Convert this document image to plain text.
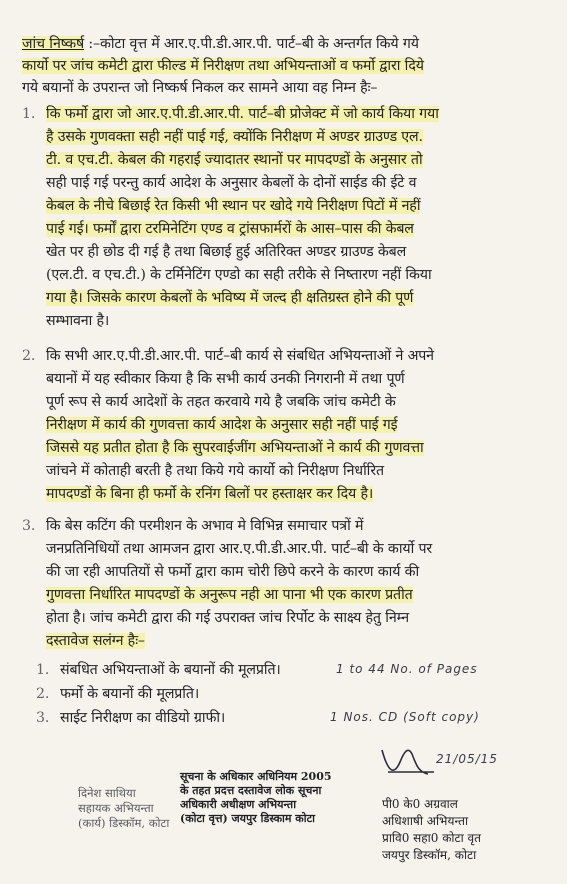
जांच निष्कर्ष :–कोटा वृत्त में आर.ए.पी.डी.आर.पी. पार्ट–बी के अन्तर्गत किये गये
कार्यो पर जांच कमेटी द्वारा फील्ड में निरीक्षण तथा अभियन्ताओं व फर्मो द्वारा दिये
गये बयानों के उपरान्त जो निष्कर्ष निकल कर सामने आया वह निम्न हैः–
1. कि फर्मो द्वारा जो आर.ए.पी.डी.आर.पी. पार्ट–बी प्रोजेक्ट में जो कार्य किया गया
है उसके गुणवक्ता सही नहीं पाई गई, क्योंकि निरीक्षण में अण्डर ग्राउण्ड एल.
टी. व एच.टी. केबल की गहराई ज्यादातर स्थानों पर मापदण्डों के अनुसार तो
सही पाई गई परन्तु कार्य आदेश के अनुसार केबलों के दोनों साईड की ईटे व
केबल के नीचे बिछाई रेत किसी भी स्थान पर खोदे गये निरीक्षण पिटों में नहीं
पाई गई। फर्मों द्वारा टरमिनेटिंग एण्ड व ट्रांसफार्मरों के आस–पास की केबल
खेत पर ही छोड दी गई है तथा बिछाई हुई अतिरिक्त अण्डर ग्राउण्ड केबल
(एल.टी. व एच.टी.) के टर्मिनेटिंग एण्डो का सही तरीके से निष्तारण नहीं किया
गया है। जिसके कारण केबलों के भविष्य में जल्द ही क्षतिग्रस्त होने की पूर्ण
सम्भावना है।
2. कि सभी आर.ए.पी.डी.आर.पी. पार्ट–बी कार्य से संबधित अभियन्ताओं ने अपने
बयानों में यह स्वीकार किया है कि सभी कार्य उनकी निगरानी में तथा पूर्ण
पूर्ण रूप से कार्य आदेशों के तहत करवाये गये है जबकि जांच कमेटी के
निरीक्षण में कार्य की गुणवत्ता कार्य आदेश के अनुसार सही नहीं पाई गई
जिससे यह प्रतीत होता है कि सुपरवाईजींग अभियन्ताओं ने कार्य की गुणवत्ता
जांचने में कोताही बरती है तथा किये गये कार्यो को निरीक्षण निर्धारित
मापदण्डों के बिना ही फर्मो के रनिंग बिलों पर हस्ताक्षर कर दिय है।
3. कि बेस कटिंग की परमीशन के अभाव मे विभिन्न समाचार पत्रों में
जनप्रतिनिधियों तथा आमजन द्वारा आर.ए.पी.डी.आर.पी. पार्ट–बी के कार्यो पर
की जा रही आपतियों से फर्मो द्वारा काम चोरी छिपे करने के कारण कार्य की
गुणवत्ता निर्धारित मापदण्डों के अनुरूप नही आ पाना भी एक कारण प्रतीत
होता है। जांच कमेटी द्वारा की गई उपराक्त जांच रिर्पोट के साक्ष्य हेतु निम्न
दस्तावेज सलंग्न हैः–
1. संबधित अभियन्ताओं के बयानों की मूलप्रति।	1 to 44 No. of Pages
2. फर्मो के बयानों की मूलप्रति।
3. साईट निरीक्षण का वीडियो ग्राफी।	1 Nos. CD (Soft copy)
21/05/15
दिनेश साथिया
सहायक अभियन्ता
(कार्य) डिस्कॉम, कोटा
सूचना के अधिकार अधिनियम 2005
के तहत प्रदत्त दस्तावेज लोक सूचना
अधिकारी अधीक्षण अभियन्ता
(कोटा वृत्त) जयपुर डिस्काम कोटा
पी0 के0 अग्रवाल
अधिशाषी अभियन्ता
प्रावि0 सहा0 कोटा वृत
जयपुर डिस्कॉम, कोटा
